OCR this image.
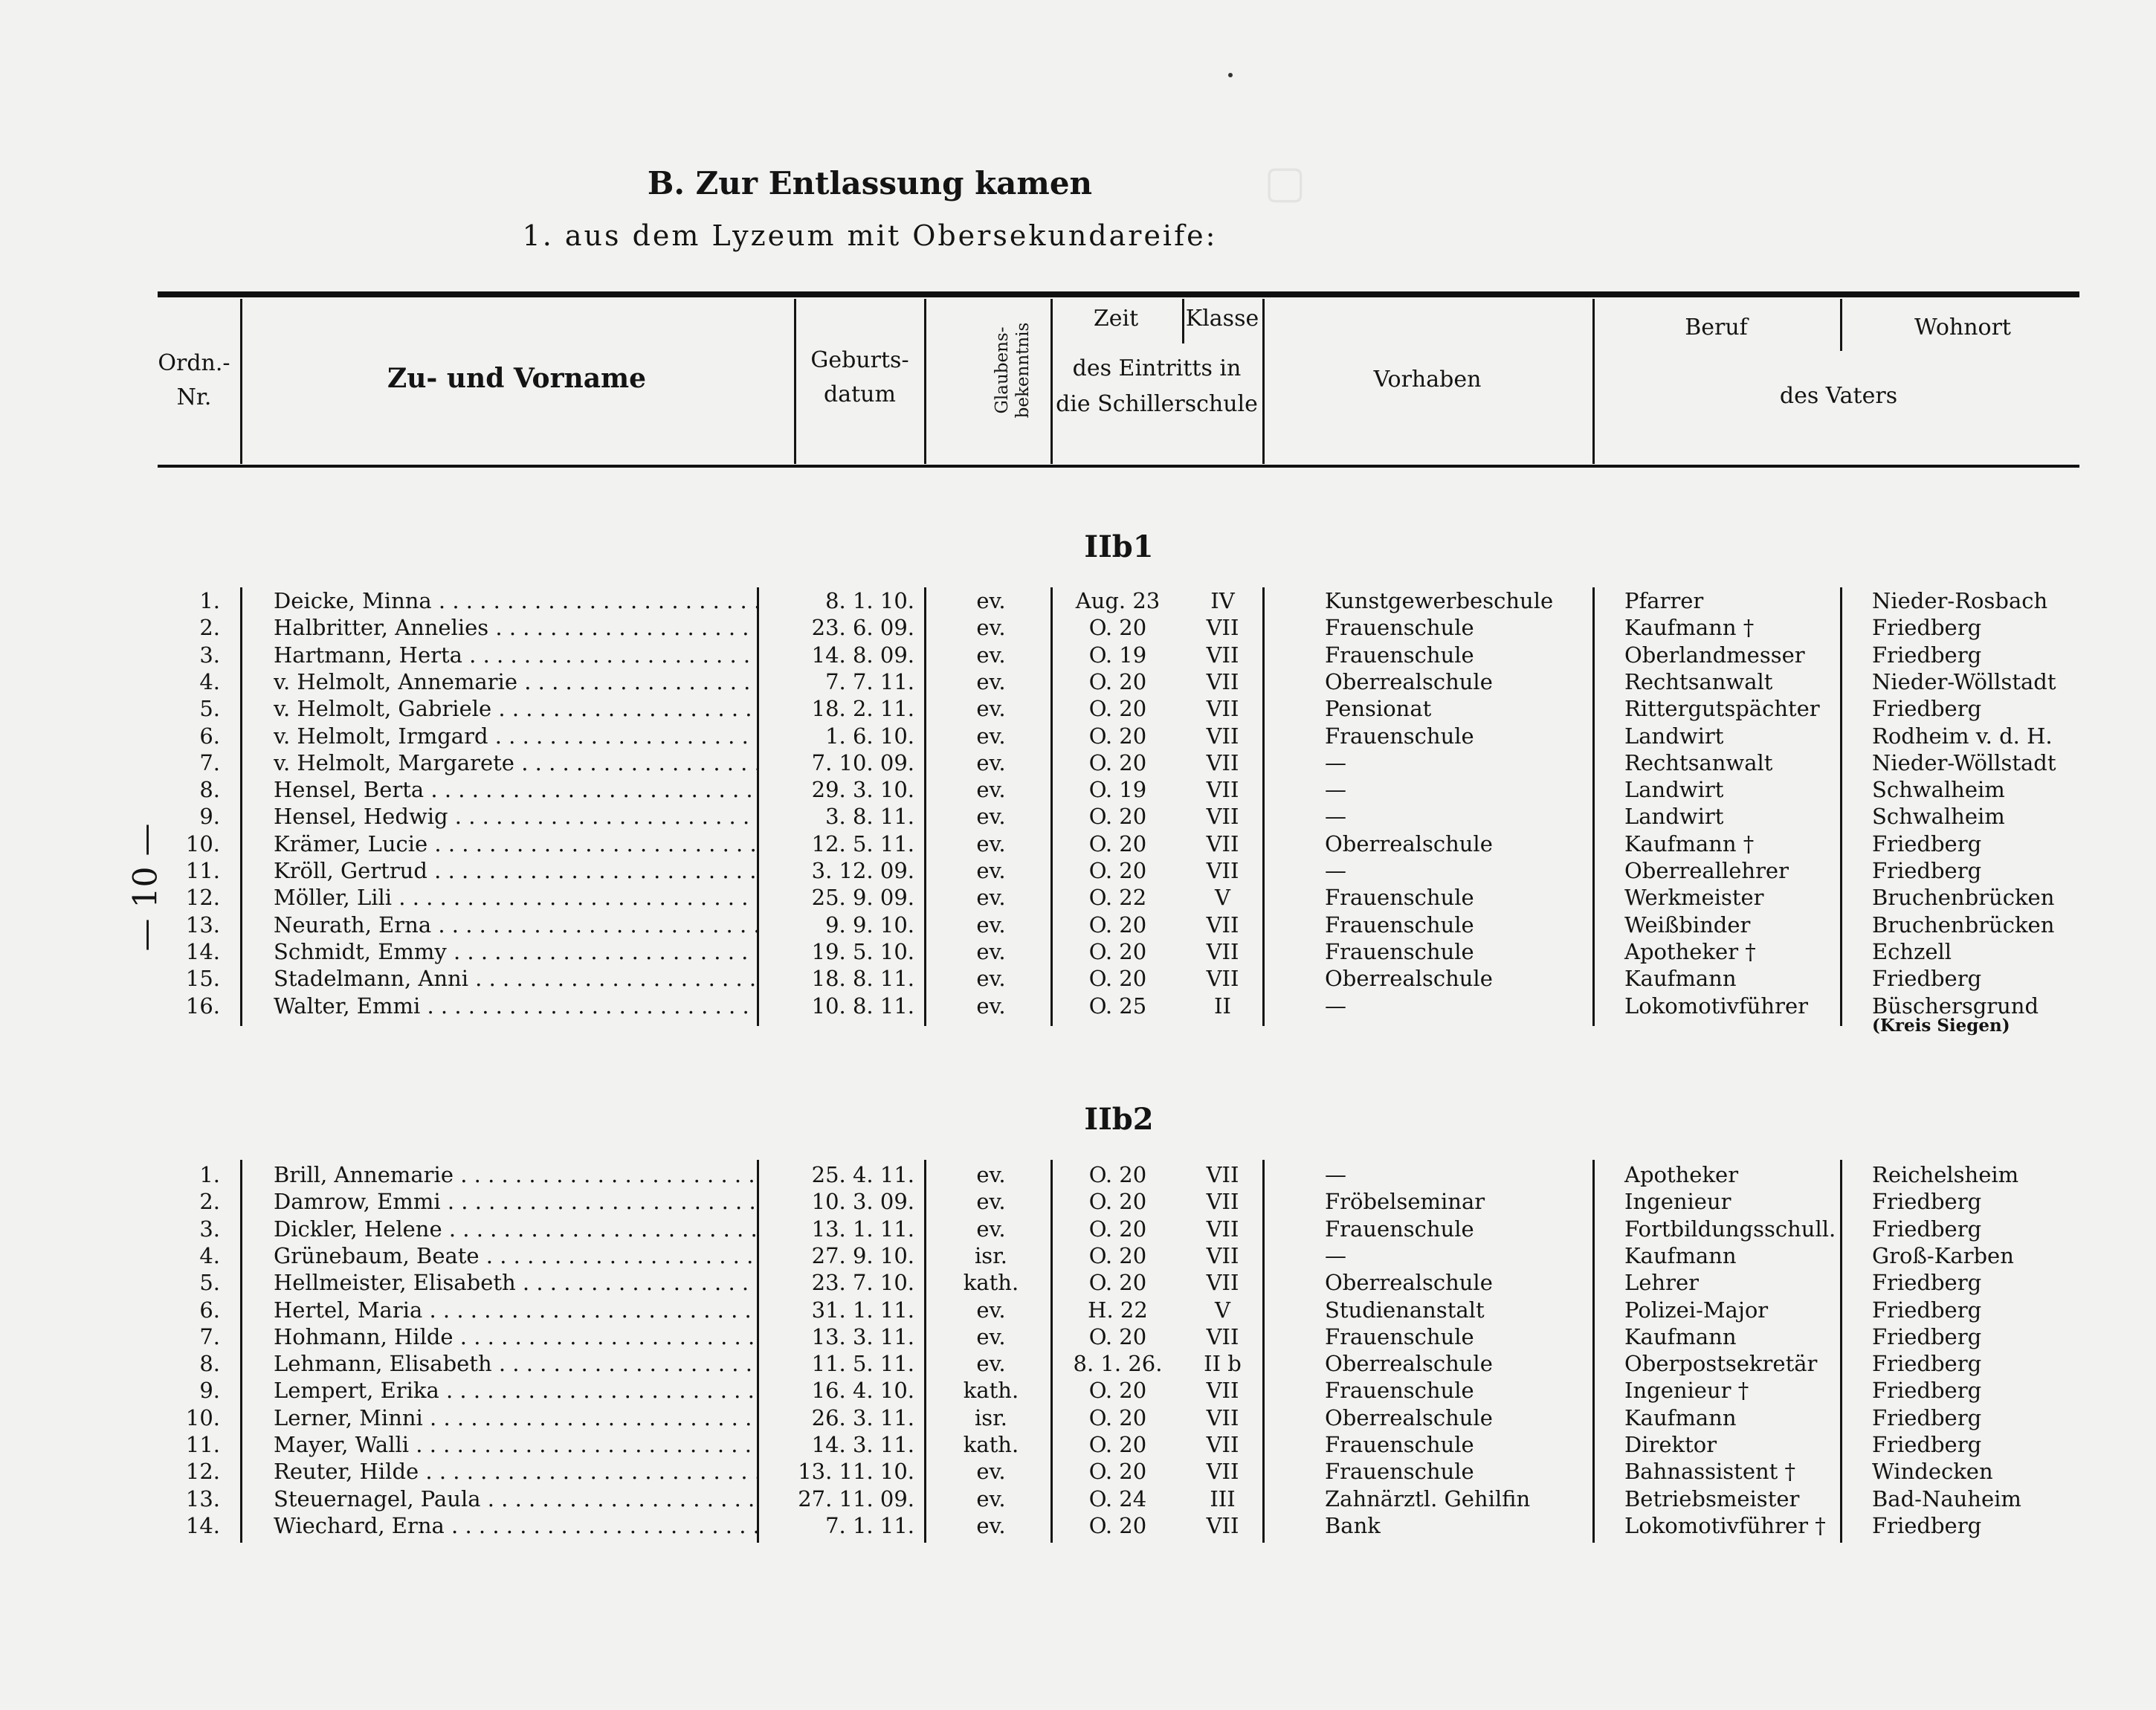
▢
B. Zur Entlassung kamen
1. aus dem Lyzeum mit Obersekundareife:
— 10 —
Ordn.- Nr.
Zu- und Vorname
Geburts- datum	Glaubens- bekenntnis
Zeit	Klasse
des Eintritts in die Schillerschule
Vorhaben
Beruf	Wohnort
des Vaters
IIb1
1. Deicke, Minna . . .	8. 1. 10.	ev.	Aug. 23	IV	Kunstgewerbeschule	Pfarrer	Nieder-Rosbach
2. Halbritter, Annelies . . .	23. 6. 09.	ev.	O. 20	VII	Frauenschule	Kaufmann †	Friedberg
3. Hartmann, Herta . . .	14. 8. 09.	ev.	O. 19	VII	Frauenschule	Oberlandmesser	Friedberg
4. v. Helmolt, Annemarie . . .	7. 7. 11.	ev.	O. 20	VII	Oberrealschule	Rechtsanwalt	Nieder-Wöllstadt
5. v. Helmolt, Gabriele . . .	18. 2. 11.	ev.	O. 20	VII	Pensionat	Rittergutspächter	Friedberg
6. v. Helmolt, Irmgard . . .	1. 6. 10.	ev.	O. 20	VII	Frauenschule	Landwirt	Rodheim v. d. H.
7. v. Helmolt, Margarete . . .	7. 10. 09.	ev.	O. 20	VII	—	Rechtsanwalt	Nieder-Wöllstadt
8. Hensel, Berta . . .	29. 3. 10.	ev.	O. 19	VII	—	Landwirt	Schwalheim
9. Hensel, Hedwig . . .	3. 8. 11.	ev.	O. 20	VII	—	Landwirt	Schwalheim
10. Krämer, Lucie . . .	12. 5. 11.	ev.	O. 20	VII	Oberrealschule	Kaufmann †	Friedberg
11. Kröll, Gertrud . . .	3. 12. 09.	ev.	O. 20	VII	—	Oberreallehrer	Friedberg
12. Möller, Lili . . .	25. 9. 09.	ev.	O. 22	V	Frauenschule	Werkmeister	Bruchenbrücken
13. Neurath, Erna . . .	9. 9. 10.	ev.	O. 20	VII	Frauenschule	Weißbinder	Bruchenbrücken
14. Schmidt, Emmy . . .	19. 5. 10.	ev.	O. 20	VII	Frauenschule	Apotheker †	Echzell
15. Stadelmann, Anni . . .	18. 8. 11.	ev.	O. 20	VII	Oberrealschule	Kaufmann	Friedberg
16. Walter, Emmi . . .	10. 8. 11.	ev.	O. 25	II	—	Lokomotivführer	Büschersgrund
(Kreis Siegen)
IIb2
1. Brill, Annemarie . . .	25. 4. 11.	ev.	O. 20	VII	—	Apotheker	Reichelsheim
2. Damrow, Emmi . . .	10. 3. 09.	ev.	O. 20	VII	Fröbelseminar	Ingenieur	Friedberg
3. Dickler, Helene . . .	13. 1. 11.	ev.	O. 20	VII	Frauenschule	Fortbildungsschull.	Friedberg
4. Grünebaum, Beate . . .	27. 9. 10.	isr.	O. 20	VII	—	Kaufmann	Groß-Karben
5. Hellmeister, Elisabeth . . .	23. 7. 10.	kath.	O. 20	VII	Oberrealschule	Lehrer	Friedberg
6. Hertel, Maria . . .	31. 1. 11.	ev.	H. 22	V	Studienanstalt	Polizei-Major	Friedberg
7. Hohmann, Hilde . . .	13. 3. 11.	ev.	O. 20	VII	Frauenschule	Kaufmann	Friedberg
8. Lehmann, Elisabeth . . .	11. 5. 11.	ev.	8. 1. 26.	II b	Oberrealschule	Oberpostsekretär	Friedberg
9. Lempert, Erika . . .	16. 4. 10.	kath.	O. 20	VII	Frauenschule	Ingenieur †	Friedberg
10. Lerner, Minni . . .	26. 3. 11.	isr.	O. 20	VII	Oberrealschule	Kaufmann	Friedberg
11. Mayer, Walli . . .	14. 3. 11.	kath.	O. 20	VII	Frauenschule	Direktor	Friedberg
12. Reuter, Hilde . . .	13. 11. 10.	ev.	O. 20	VII	Frauenschule	Bahnassistent †	Windecken
13. Steuernagel, Paula . . .	27. 11. 09.	ev.	O. 24	III	Zahnärztl. Gehilfin	Betriebsmeister	Bad-Nauheim
14. Wiechard, Erna . . .	7. 1. 11.	ev.	O. 20	VII	Bank	Lokomotivführer †	Friedberg
